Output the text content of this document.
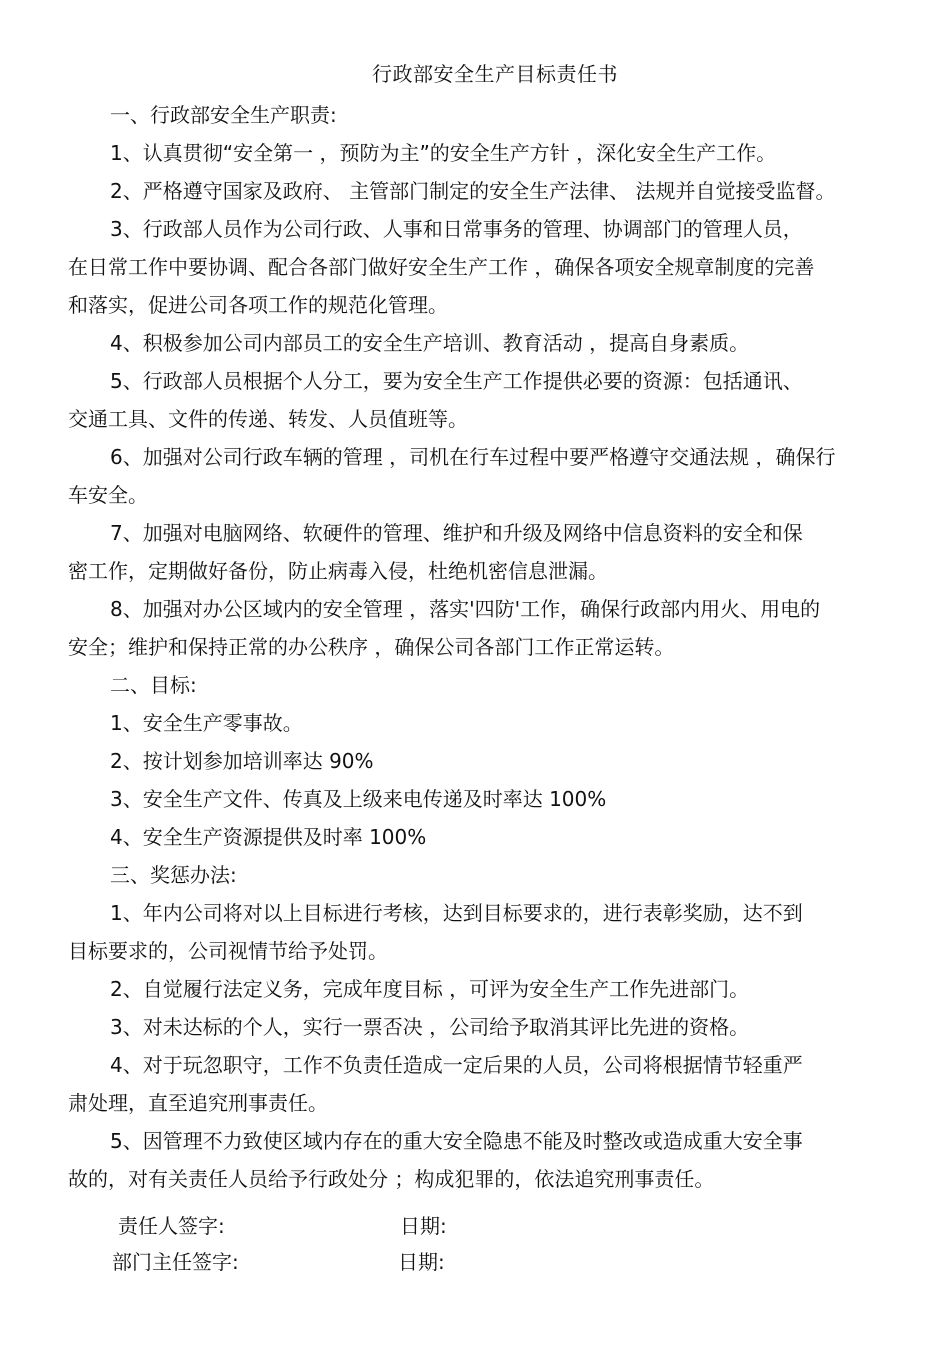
行政部安全生产目标责任书

一、行政部安全生产职责:

1、认真贯彻“安全第一 ，预防为主”的安全生产方针 ，深化安全生产工作。

2、严格遵守国家及政府、 主管部门制定的安全生产法律、 法规并自觉接受监督。

3、行政部人员作为公司行政、人事和日常事务的管理、协调部门的管理人员，
在日常工作中要协调、配合各部门做好安全生产工作 ，确保各项安全规章制度的完善
和落实，促进公司各项工作的规范化管理。

4、积极参加公司内部员工的安全生产培训、教育活动 ，提高自身素质。

5、行政部人员根据个人分工，要为安全生产工作提供必要的资源：包括通讯、
交通工具、文件的传递、转发、人员值班等。

6、加强对公司行政车辆的管理 ，司机在行车过程中要严格遵守交通法规 ，确保行
车安全。

7、加强对电脑网络、软硬件的管理、维护和升级及网络中信息资料的安全和保
密工作，定期做好备份，防止病毒入侵，杜绝机密信息泄漏。

8、加强对办公区域内的安全管理 ，落实'四防'工作，确保行政部内用火、用电的
安全；维护和保持正常的办公秩序 ，确保公司各部门工作正常运转。

二、目标:

1、安全生产零事故。

2、按计划参加培训率达 90%

3、安全生产文件、传真及上级来电传递及时率达 100%

4、安全生产资源提供及时率 100%

三、奖惩办法:

1、年内公司将对以上目标进行考核，达到目标要求的，进行表彰奖励，达不到
目标要求的，公司视情节给予处罚。

2、自觉履行法定义务，完成年度目标 ，可评为安全生产工作先进部门。

3、对未达标的个人，实行一票否决 ，公司给予取消其评比先进的资格。

4、对于玩忽职守，工作不负责任造成一定后果的人员，公司将根据情节轻重严
肃处理，直至追究刑事责任。

5、因管理不力致使区域内存在的重大安全隐患不能及时整改或造成重大安全事
故的，对有关责任人员给予行政处分 ；构成犯罪的，依法追究刑事责任。

责任人签字:	日期:
部门主任签字:	日期:
